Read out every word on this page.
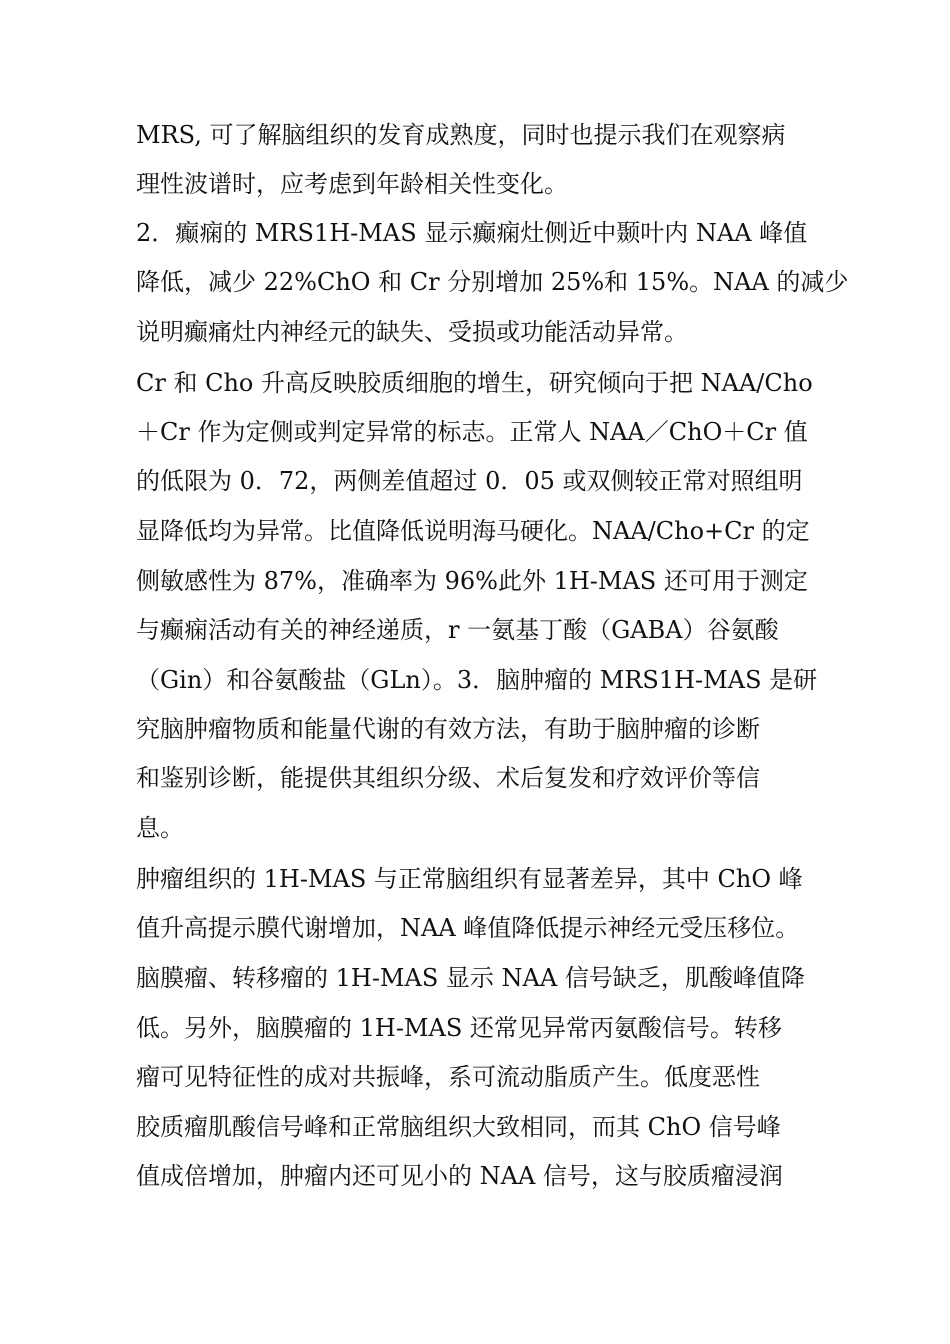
MRS, 可了解脑组织的发育成熟度，同时也提示我们在观察病

理性波谱时，应考虑到年龄相关性变化。

2．癫痫的 MRS1H-MAS 显示癫痫灶侧近中颞叶内 NAA 峰值

降低，减少 22%ChO 和 Cr 分别增加 25%和 15%。NAA 的减少

说明癫痛灶内神经元的缺失、受损或功能活动异常。

Cr 和 Cho 升高反映胶质细胞的增生，研究倾向于把 NAA/Cho

＋Cr 作为定侧或判定异常的标志。正常人 NAA／ChO＋Cr 值

的低限为 0．72，两侧差值超过 0．05 或双侧较正常对照组明

显降低均为异常。比值降低说明海马硬化。NAA/Cho+Cr 的定

侧敏感性为 87%，准确率为 96%此外 1H-MAS 还可用于测定

与癫痫活动有关的神经递质，r 一氨基丁酸（GABA）谷氨酸

（Gin）和谷氨酸盐（GLn）。3．脑肿瘤的 MRS1H-MAS 是研

究脑肿瘤物质和能量代谢的有效方法，有助于脑肿瘤的诊断

和鉴别诊断，能提供其组织分级、术后复发和疗效评价等信

息。

肿瘤组织的 1H-MAS 与正常脑组织有显著差异，其中 ChO 峰

值升高提示膜代谢增加，NAA 峰值降低提示神经元受压移位。

脑膜瘤、转移瘤的 1H-MAS 显示 NAA 信号缺乏，肌酸峰值降

低。另外，脑膜瘤的 1H-MAS 还常见异常丙氨酸信号。转移

瘤可见特征性的成对共振峰，系可流动脂质产生。低度恶性

胶质瘤肌酸信号峰和正常脑组织大致相同，而其 ChO 信号峰

值成倍增加，肿瘤内还可见小的 NAA 信号，这与胶质瘤浸润
